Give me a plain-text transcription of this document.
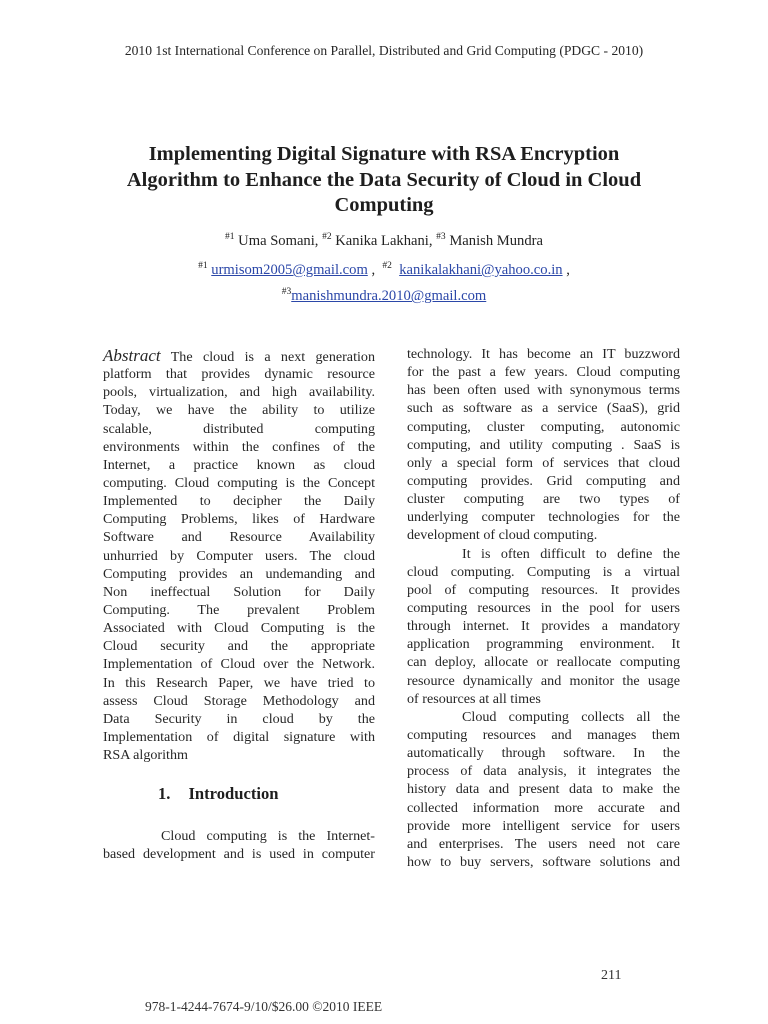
2010 1st International Conference on Parallel, Distributed and Grid Computing (PDGC - 2010)
Implementing Digital Signature with RSA Encryption
Algorithm to Enhance the Data Security of Cloud in Cloud
Computing
$^{\#1}$ Uma Somani, $^{\#2}$ Kanika Lakhani, $^{\#3}$ Manish Mundra
$^{\#1}$ urmisom2005@gmail.com , $^{\#2}$ kanikalakhani@yahoo.co.in ,
$^{\#3}$manishmundra.2010@gmail.com
Abstract The cloud is a next generation
platform that provides dynamic resource
pools, virtualization, and high availability.
Today, we have the ability to utilize
scalable, distributed computing
environments within the confines of the
Internet, a practice known as cloud
computing. Cloud computing is the Concept
Implemented to decipher the Daily
Computing Problems, likes of Hardware
Software and Resource Availability
unhurried by Computer users. The cloud
Computing provides an undemanding and
Non ineffectual Solution for Daily
Computing. The prevalent Problem
Associated with Cloud Computing is the
Cloud security and the appropriate
Implementation of Cloud over the Network.
In this Research Paper, we have tried to
assess Cloud Storage Methodology and
Data Security in cloud by the
Implementation of digital signature with
RSA algorithm
1. Introduction
Cloud computing is the Internet-
based development and is used in computer
technology. It has become an IT buzzword
for the past a few years. Cloud computing
has been often used with synonymous terms
such as software as a service (SaaS), grid
computing, cluster computing, autonomic
computing, and utility computing . SaaS is
only a special form of services that cloud
computing provides. Grid computing and
cluster computing are two types of
underlying computer technologies for the
development of cloud computing.
It is often difficult to define the
cloud computing. Computing is a virtual
pool of computing resources. It provides
computing resources in the pool for users
through internet. It provides a mandatory
application programming environment. It
can deploy, allocate or reallocate computing
resource dynamically and monitor the usage
of resources at all times
Cloud computing collects all the
computing resources and manages them
automatically through software. In the
process of data analysis, it integrates the
history data and present data to make the
collected information more accurate and
provide more intelligent service for users
and enterprises. The users need not care
how to buy servers, software solutions and
211
978-1-4244-7674-9/10/$26.00 ©2010 IEEE
